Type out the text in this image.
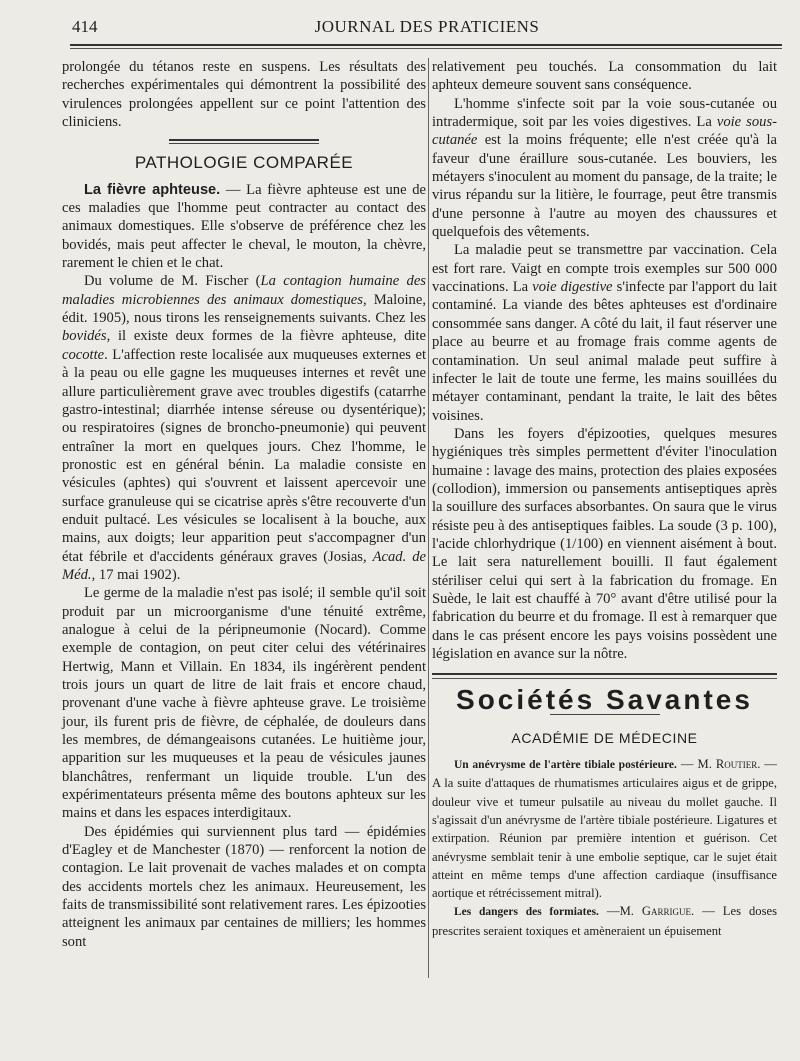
414	JOURNAL DES PRATICIENS

prolongée du tétanos reste en suspens. Les résultats des recherches expérimentales qui démontrent la possibilité des virulences prolongées appellent sur ce point l'attention des cliniciens.

PATHOLOGIE COMPARÉE

La fièvre aphteuse. — La fièvre aphteuse est une de ces maladies que l'homme peut contracter au contact des animaux domestiques. Elle s'observe de préférence chez les bovidés, mais peut affecter le cheval, le mouton, la chèvre, rarement le chien et le chat.

Du volume de M. Fischer (La contagion humaine des maladies microbiennes des animaux domestiques, Maloine, édit. 1905), nous tirons les renseignements suivants. Chez les bovidés, il existe deux formes de la fièvre aphteuse, dite cocotte. L'affection reste localisée aux muqueuses externes et à la peau ou elle gagne les muqueuses internes et revêt une allure particulièrement grave avec troubles digestifs (catarrhe gastro-intestinal; diarrhée intense séreuse ou dysentérique); ou respiratoires (signes de broncho-pneumonie) qui peuvent entraîner la mort en quelques jours. Chez l'homme, le pronostic est en général bénin. La maladie consiste en vésicules (aphtes) qui s'ouvrent et laissent apercevoir une surface granuleuse qui se cicatrise après s'être recouverte d'un enduit pultacé. Les vésicules se localisent à la bouche, aux mains, aux doigts; leur apparition peut s'accompagner d'un état fébrile et d'accidents généraux graves (Josias, Acad. de Méd., 17 mai 1902).

Le germe de la maladie n'est pas isolé; il semble qu'il soit produit par un microorganisme d'une ténuité extrême, analogue à celui de la péripneumonie (Nocard). Comme exemple de contagion, on peut citer celui des vétérinaires Hertwig, Mann et Villain. En 1834, ils ingérèrent pendent trois jours un quart de litre de lait frais et encore chaud, provenant d'une vache à fièvre aphteuse grave. Le troisième jour, ils furent pris de fièvre, de céphalée, de douleurs dans les membres, de démangeaisons cutanées. Le huitième jour, apparition sur les muqueuses et la peau de vésicules jaunes blanchâtres, renfermant un liquide trouble. L'un des expérimentateurs présenta même des boutons aphteux sur les mains et dans les espaces interdigitaux.

Des épidémies qui surviennent plus tard — épidémies d'Eagley et de Manchester (1870) — renforcent la notion de contagion. Le lait provenait de vaches malades et on compta des accidents mortels chez les animaux. Heureusement, les faits de transmissibilité sont relativement rares. Les épizooties atteignent les animaux par centaines de milliers; les hommes sont

relativement peu touchés. La consommation du lait aphteux demeure souvent sans conséquence.

L'homme s'infecte soit par la voie sous-cutanée ou intradermique, soit par les voies digestives. La voie sous-cutanée est la moins fréquente; elle n'est créée qu'à la faveur d'une éraillure sous-cutanée. Les bouviers, les métayers s'inoculent au moment du pansage, de la traite; le virus répandu sur la litière, le fourrage, peut être transmis d'une personne à l'autre au moyen des chaussures et quelquefois des vêtements.

La maladie peut se transmettre par vaccination. Cela est fort rare. Vaigt en compte trois exemples sur 500 000 vaccinations. La voie digestive s'infecte par l'apport du lait contaminé. La viande des bêtes aphteuses est d'ordinaire consommée sans danger. A côté du lait, il faut réserver une place au beurre et au fromage frais comme agents de contamination. Un seul animal malade peut suffire à infecter le lait de toute une ferme, les mains souillées du métayer contaminant, pendant la traite, le lait des bêtes voisines.

Dans les foyers d'épizooties, quelques mesures hygiéniques très simples permettent d'éviter l'inoculation humaine : lavage des mains, protection des plaies exposées (collodion), immersion ou pansements antiseptiques après la souillure des surfaces absorbantes. On saura que le virus résiste peu à des antiseptiques faibles. La soude (3 p. 100), l'acide chlorhydrique (1/100) en viennent aisément à bout. Le lait sera naturellement bouilli. Il faut également stériliser celui qui sert à la fabrication du fromage. En Suède, le lait est chauffé à 70° avant d'être utilisé pour la fabrication du beurre et du fromage. Il est à remarquer que dans le cas présent encore les pays voisins possèdent une législation en avance sur la nôtre.

Sociétés Savantes
ACADÉMIE DE MÉDECINE

Un anévrysme de l'artère tibiale postérieure. — M. Routier. — A la suite d'attaques de rhumatismes articulaires aigus et de grippe, douleur vive et tumeur pulsatile au niveau du mollet gauche. Il s'agissait d'un anévrysme de l'artère tibiale postérieure. Ligatures et extirpation. Réunion par première intention et guérison. Cet anévrysme semblait tenir à une embolie septique, car le sujet était atteint en même temps d'une affection cardiaque (insuffisance aortique et rétrécissement mitral).

Les dangers des formiates. —M. Garrigue. — Les doses prescrites seraient toxiques et amèneraient un épuisement
